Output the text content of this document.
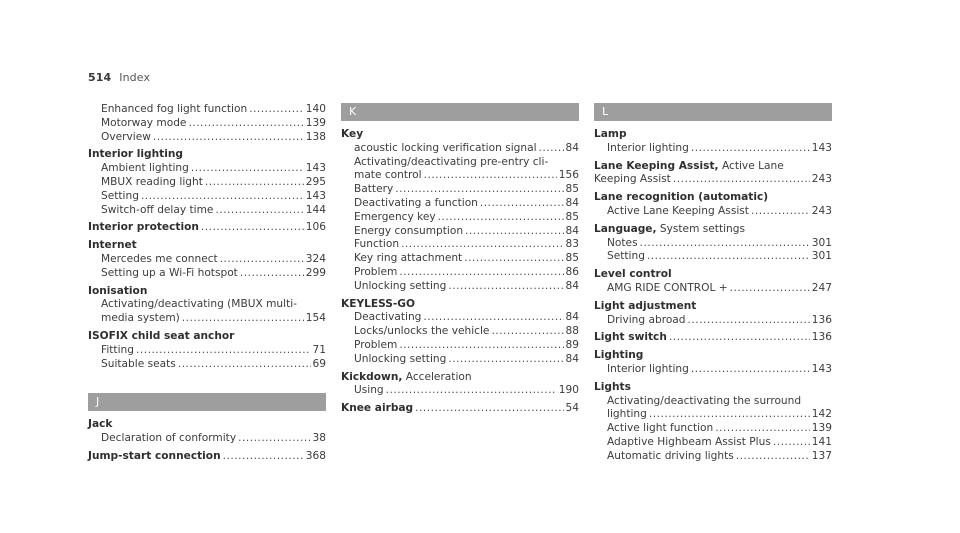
514 Index
Enhanced fog light function .....	140
Motorway mode .....	139
Overview .....	138
Interior lighting
Ambient lighting .....	143
MBUX reading light .....	295
Setting .....	143
Switch-off delay time .....	144
Interior protection .....	106
Internet
Mercedes me connect .....	324
Setting up a Wi-Fi hotspot .....	299
Ionisation
Activating/deactivating (MBUX multi-
media system) .....	154
ISOFIX child seat anchor
Fitting .....	71
Suitable seats .....	69
J
Jack
Declaration of conformity .....	38
Jump-start connection .....	368
K
Key
acoustic locking verification signal .....	84
Activating/deactivating pre-entry cli-
mate control .....	156
Battery .....	85
Deactivating a function .....	84
Emergency key .....	85
Energy consumption .....	84
Function .....	83
Key ring attachment .....	85
Problem .....	86
Unlocking setting .....	84
KEYLESS-GO
Deactivating .....	84
Locks/unlocks the vehicle .....	88
Problem .....	89
Unlocking setting .....	84
Kickdown, Acceleration
Using .....	190
Knee airbag .....	54
L
Lamp
Interior lighting .....	143
Lane Keeping Assist, Active Lane
Keeping Assist .....	243
Lane recognition (automatic)
Active Lane Keeping Assist .....	243
Language, System settings
Notes .....	301
Setting .....	301
Level control
AMG RIDE CONTROL + .....	247
Light adjustment
Driving abroad .....	136
Light switch .....	136
Lighting
Interior lighting .....	143
Lights
Activating/deactivating the surround
lighting .....	142
Active light function .....	139
Adaptive Highbeam Assist Plus .....	141
Automatic driving lights .....	137
